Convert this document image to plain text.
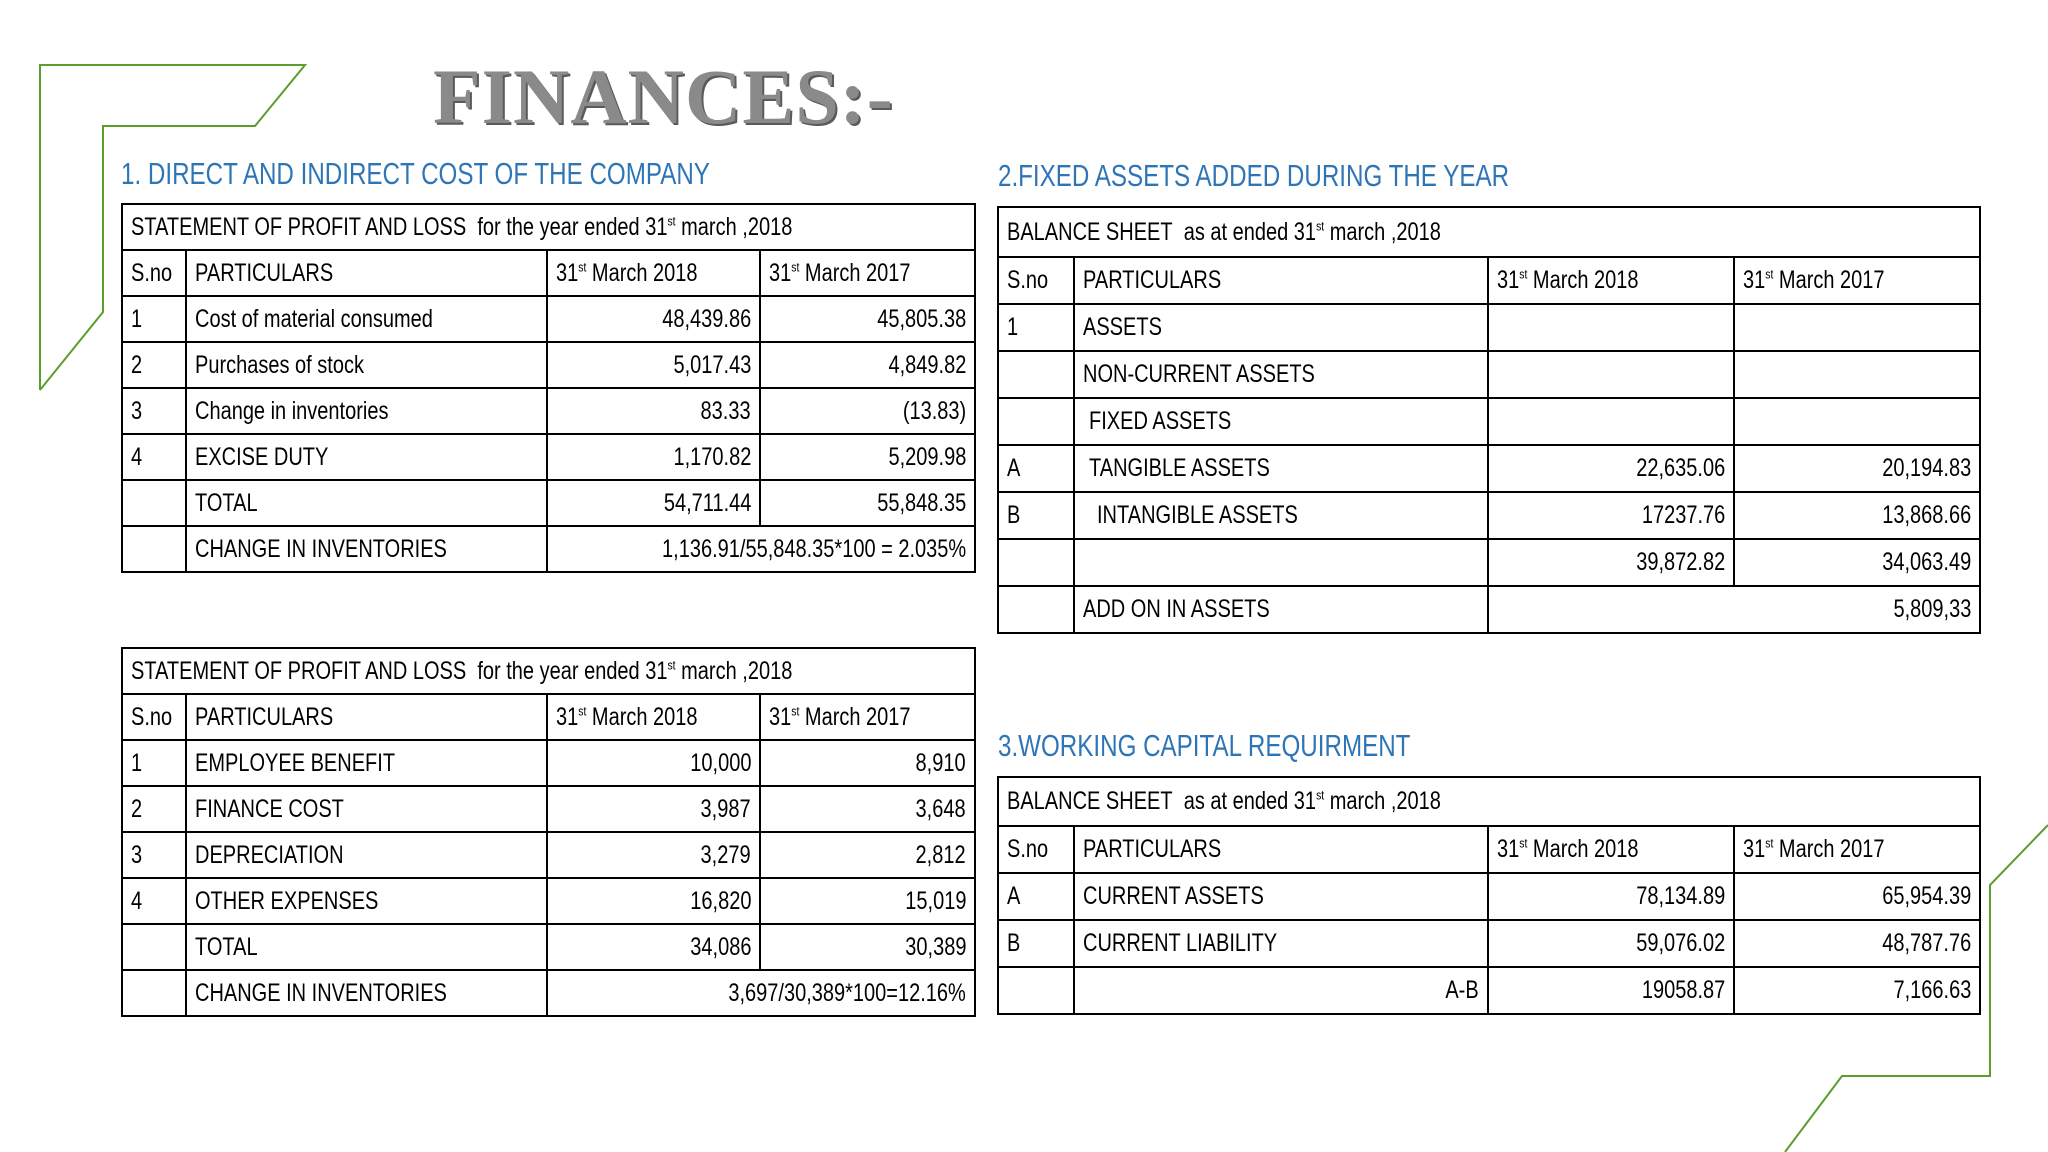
FINANCES:-
1. DIRECT AND INDIRECT COST OF THE COMPANY	2.FIXED ASSETS ADDED DURING THE YEAR
3.WORKING CAPITAL REQUIRMENT
STATEMENT OF PROFIT AND LOSS  for the year ended 31st march ,2018			
S.no	PARTICULARS	31st March 2018	31st March 2017
1	Cost of material consumed	48,439.86	45,805.38
2	Purchases of stock	5,017.43	4,849.82
3	Change in inventories	83.33	(13.83)
4	EXCISE DUTY	1,170.82	5,209.98
	TOTAL	54,711.44	55,848.35
	CHANGE IN INVENTORIES	1,136.91/55,848.35*100 = 2.035%	
STATEMENT OF PROFIT AND LOSS  for the year ended 31st march ,2018			
S.no	PARTICULARS	31st March 2018	31st March 2017
1	EMPLOYEE BENEFIT	10,000	8,910
2	FINANCE COST	3,987	3,648
3	DEPRECIATION	3,279	2,812
4	OTHER EXPENSES	16,820	15,019
	TOTAL	34,086	30,389
	CHANGE IN INVENTORIES	3,697/30,389*100=12.16%	
BALANCE SHEET  as at ended 31st march ,2018			
S.no	PARTICULARS	31st March 2018	31st March 2017
1	ASSETS		
	NON-CURRENT ASSETS		
	FIXED ASSETS		
A	TANGIBLE ASSETS	22,635.06	20,194.83
B	INTANGIBLE ASSETS	17237.76	13,868.66
		39,872.82	34,063.49
	ADD ON IN ASSETS	5,809,33	
BALANCE SHEET  as at ended 31st march ,2018			
S.no	PARTICULARS	31st March 2018	31st March 2017
A	CURRENT ASSETS	78,134.89	65,954.39
B	CURRENT LIABILITY	59,076.02	48,787.76
	A-B	19058.87	7,166.63
